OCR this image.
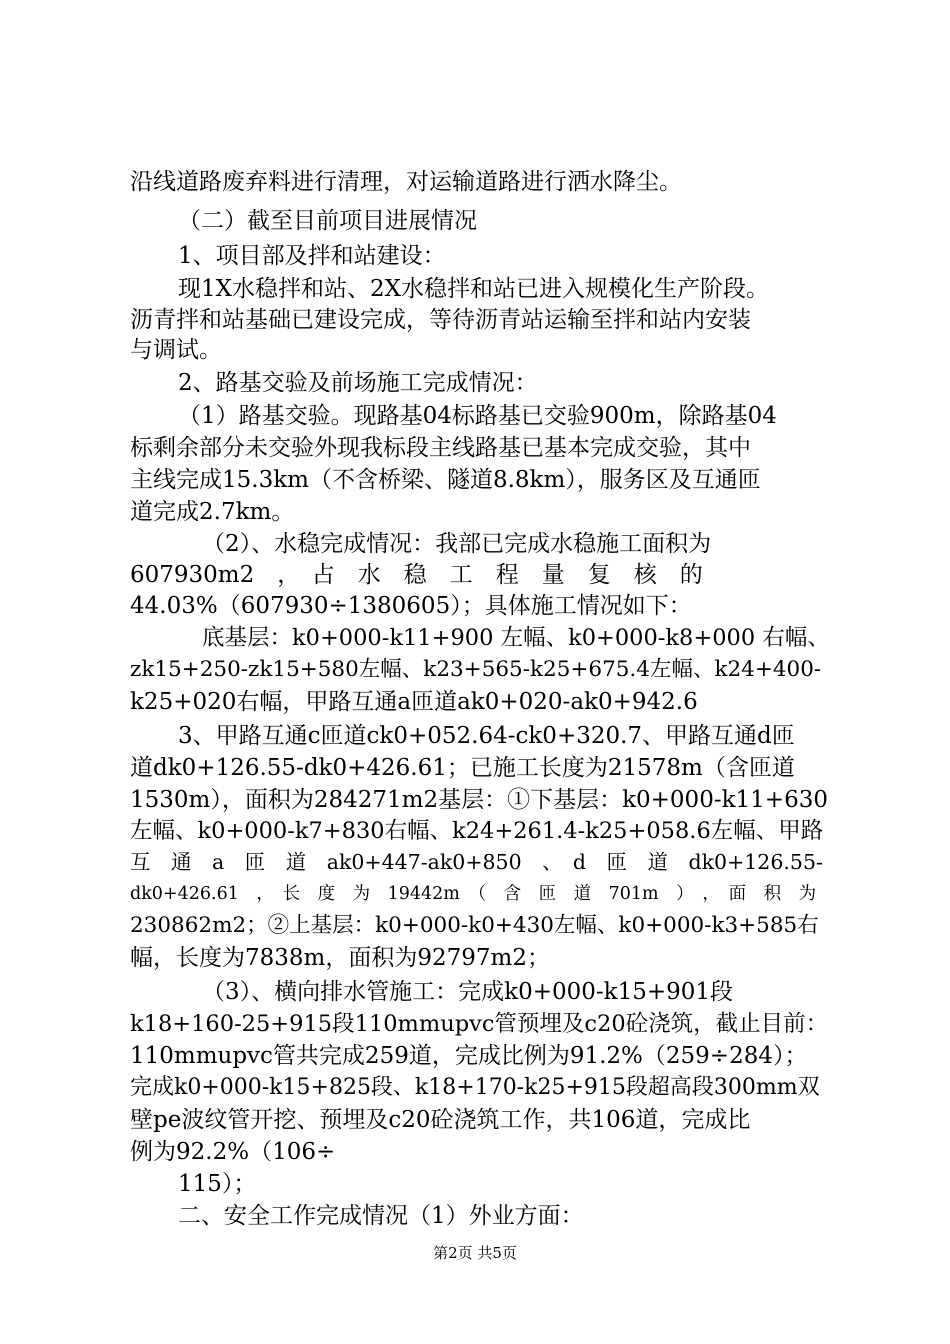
沿线道路废弃料进行清理，对运输道路进行洒水降尘。
（二）截至目前项目进展情况
1、项目部及拌和站建设：
现1X水稳拌和站、2X水稳拌和站已进入规模化生产阶段。
沥青拌和站基础已建设完成，等待沥青站运输至拌和站内安装
与调试。
2、路基交验及前场施工完成情况：
（1）路基交验。现路基04标路基已交验900m，除路基04
标剩余部分未交验外现我标段主线路基已基本完成交验，其中
主线完成15.3km（不含桥梁、隧道8.8km），服务区及互通匝
道完成2.7km。
（2）、水稳完成情况：我部已完成水稳施工面积为
607930m2　，　占　水　稳　工　程　量　复　核　的
44.03%（607930÷1380605）；具体施工情况如下：
底基层：k0+000-k11+900 左幅、k0+000-k8+000 右幅、
zk15+250-zk15+580左幅、k23+565-k25+675.4左幅、k24+400-
k25+020右幅，甲路互通a匝道ak0+020-ak0+942.6
3、甲路互通c匝道ck0+052.64-ck0+320.7、甲路互通d匝
道dk0+126.55-dk0+426.61；已施工长度为21578m（含匝道
1530m），面积为284271m2基层：①下基层：k0+000-k11+630
左幅、k0+000-k7+830右幅、k24+261.4-k25+058.6左幅、甲路
互　通　a　匝　道　ak0+447-ak0+850　、　d　匝　道　dk0+126.55-
dk0+426.61　，　长　度　为　19442m　（　含　匝　道　701m　）　，　面　积　为
230862m2；②上基层：k0+000-k0+430左幅、k0+000-k3+585右
幅，长度为7838m，面积为92797m2；
（3）、横向排水管施工：完成k0+000-k15+901段
k18+160-25+915段110mmupvc管预埋及c20砼浇筑，截止目前：
110mmupvc管共完成259道，完成比例为91.2%（259÷284）；
完成k0+000-k15+825段、k18+170-k25+915段超高段300mm双
壁pe波纹管开挖、预埋及c20砼浇筑工作，共106道，完成比
例为92.2%（106÷
115）；
二、安全工作完成情况（1）外业方面：
第2页 共5页
